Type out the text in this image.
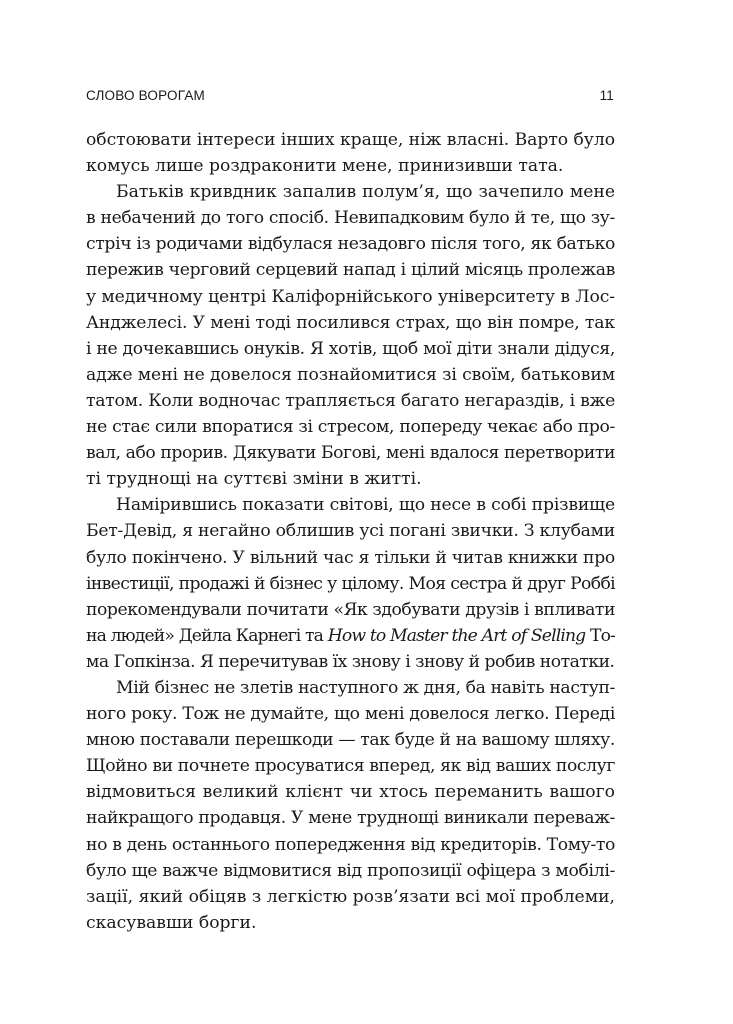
СЛОВО ВОРОГАМ	11
обстоювати інтереси інших краще, ніж власні. Варто було
комусь лише роздраконити мене, принизивши тата.
Батьків кривдник запалив полум’я, що зачепило мене
в небачений до того спосіб. Невипадковим було й те, що зу-
стріч із родичами відбулася незадовго після того, як батько
пережив черговий серцевий напад і цілий місяць пролежав
у медичному центрі Каліфорнійського університету в Лос-
Анджелесі. У мені тоді посилився страх, що він помре, так
і не дочекавшись онуків. Я хотів, щоб мої діти знали дідуся,
адже мені не довелося познайомитися зі своїм, батьковим
татом. Коли водночас трапляється багато негараздів, і вже
не стає сили впоратися зі стресом, попереду чекає або про-
вал, або прорив. Дякувати Богові, мені вдалося перетворити
ті труднощі на суттєві зміни в житті.
Намірившись показати світові, що несе в собі прізвище
Бет-Девід, я негайно облишив усі погані звички. З клубами
було покінчено. У вільний час я тільки й читав книжки про
інвестиції, продажі й бізнес у цілому. Моя сестра й друг Роббі
порекомендували почитати «Як здобувати друзів і впливати
на людей» Дейла Карнегі та How to Master the Art of Selling То-
ма Гопкінза. Я перечитував їх знову і знову й робив нотатки.
Мій бізнес не злетів наступного ж дня, ба навіть наступ-
ного року. Тож не думайте, що мені довелося легко. Переді
мною поставали перешкоди — так буде й на вашому шляху.
Щойно ви почнете просуватися вперед, як від ваших послуг
відмовиться великий клієнт чи хтось переманить вашого
найкращого продавця. У мене труднощі виникали переваж-
но в день останнього попередження від кредиторів. Тому-то
було ще важче відмовитися від пропозиції офіцера з мобілі-
зації, який обіцяв з легкістю розв’язати всі мої проблеми,
скасувавши борги.
